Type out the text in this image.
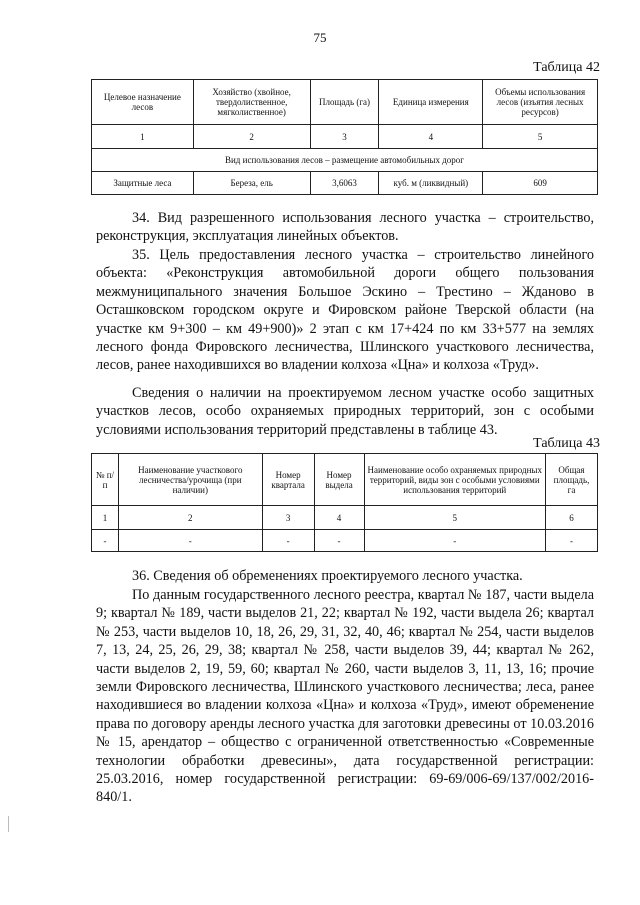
75
Таблица 42
Целевое назначение лесов	Хозяйство (хвойное, твердолиственное, мягколиственное)	Площадь (га)	Единица измерения	Объемы использования лесов (изъятия лесных ресурсов)
1	2	3	4	5
Вид использования лесов – размещение автомобильных дорог				
Защитные леса	Береза, ель	3,6063	куб. м (ликвидный)	609

34. Вид разрешенного использования лесного участка – строительство, реконструкция, эксплуатация линейных объектов.

35. Цель предоставления лесного участка – строительство линейного объекта: «Реконструкция автомобильной дороги общего пользования межмуниципального значения Большое Эскино – Трестино – Жданово в Осташковском городском округе и Фировском районе Тверской области (на участке км 9+300 – км 49+900)» 2 этап с км 17+424 по км 33+577 на землях лесного фонда Фировского лесничества, Шлинского участкового лесничества, лесов, ранее находившихся во владении колхоза «Цна» и колхоза «Труд».

Сведения о наличии на проектируемом лесном участке особо защитных участков лесов, особо охраняемых природных территорий, зон с особыми условиями использования территорий представлены в таблице 43.

Таблица 43
№ п/п	Наименование участкового лесничества/урочища (при наличии)	Номер квартала	Номер выдела	Наименование особо охраняемых природных территорий, виды зон с особыми условиями использования территорий	Общая площадь, га
1	2	3	4	5	6
-	-	-	-	-	-

36. Сведения об обременениях проектируемого лесного участка.

По данным государственного лесного реестра, квартал № 187, части выдела 9; квартал № 189, части выделов 21, 22; квартал № 192, части выдела 26; квартал № 253, части выделов 10, 18, 26, 29, 31, 32, 40, 46; квартал № 254, части выделов 7, 13, 24, 25, 26, 29, 38; квартал № 258, части выделов 39, 44; квартал № 262, части выделов 2, 19, 59, 60; квартал № 260, части выделов 3, 11, 13, 16; прочие земли Фировского лесничества, Шлинского участкового лесничества; леса, ранее находившиеся во владении колхоза «Цна» и колхоза «Труд», имеют обременение права по договору аренды лесного участка для заготовки древесины от 10.03.2016 № 15, арендатор – общество с ограниченной ответственностью «Современные технологии обработки древесины», дата государственной регистрации: 25.03.2016, номер государственной регистрации: 69-69/006-69/137/002/2016-840/1.
